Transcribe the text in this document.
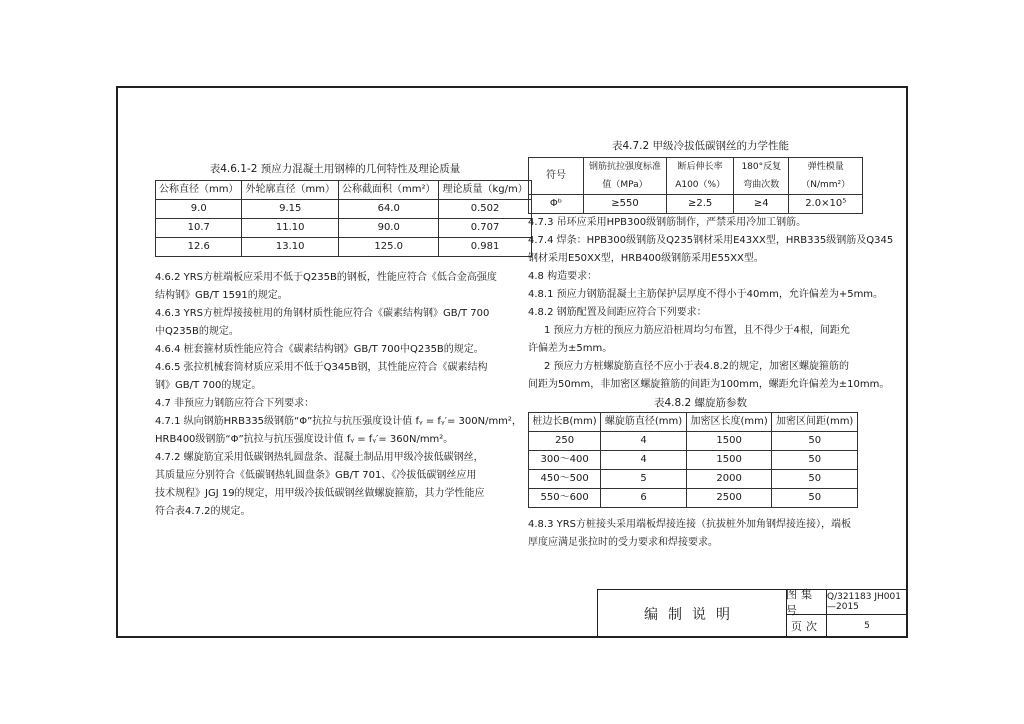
表4.6.1-2 预应力混凝土用钢棒的几何特性及理论质量

公称直径（mm）	外轮廓直径（mm）	公称截面积（mm²）	理论质量（kg/m）
9.0	9.15	64.0	0.502
10.7	11.10	90.0	0.707
12.6	13.10	125.0	0.981

4.6.2 YRS方桩端板应采用不低于Q235B的钢板，性能应符合《低合金高强度

结构钢》GB/T 1591的规定。

4.6.3 YRS方桩焊接接桩用的角钢材质性能应符合《碳素结构钢》GB/T 700

中Q235B的规定。

4.6.4 桩套箍材质性能应符合《碳素结构钢》GB/T 700中Q235B的规定。

4.6.5 张拉机械套筒材质应采用不低于Q345B钢，其性能应符合《碳素结构

钢》GB/T 700的规定。

4.7 非预应力钢筋应符合下列要求：

4.7.1 纵向钢筋HRB335级钢筋“Φ”抗拉与抗压强度设计值 fᵧ = fᵧ′= 300N/mm²，

HRB400级钢筋“Φ”抗拉与抗压强度设计值 fᵧ = fᵧ′= 360N/mm²。

4.7.2 螺旋筋宜采用低碳钢热轧圆盘条、混凝土制品用甲级冷拔低碳钢丝，

其质量应分别符合《低碳钢热轧圆盘条》GB/T 701、《冷拔低碳钢丝应用

技术规程》JGJ 19的规定，用甲级冷拔低碳钢丝做螺旋箍筋，其力学性能应

符合表4.7.2的规定。

表4.7.2 甲级冷拔低碳钢丝的力学性能

符号	钢筋抗拉强度标准值（MPa）	断后伸长率A100（%）	180°反复弯曲次数	弹性模量（N/mm²）
Φᵇ	≥550	≥2.5	≥4	2.0×10⁵

4.7.3 吊环应采用HPB300级钢筋制作，严禁采用冷加工钢筋。

4.7.4 焊条：HPB300级钢筋及Q235钢材采用E43XX型，HRB335级钢筋及Q345

钢材采用E50XX型，HRB400级钢筋采用E55XX型。

4.8 构造要求：

4.8.1 预应力钢筋混凝土主筋保护层厚度不得小于40mm，允许偏差为+5mm。

4.8.2 钢筋配置及间距应符合下列要求：

1 预应力方桩的预应力筋应沿桩周均匀布置，且不得少于4根，间距允

许偏差为±5mm。

2 预应力方桩螺旋筋直径不应小于表4.8.2的规定，加密区螺旋箍筋的

间距为50mm，非加密区螺旋箍筋的间距为100mm，螺距允许偏差为±10mm。

表4.8.2 螺旋筋参数

桩边长B(mm)	螺旋筋直径(mm)	加密区长度(mm)	加密区间距(mm)
250	4	1500	50
300～400	4	1500	50
450～500	5	2000	50
550～600	6	2500	50

4.8.3 YRS方桩接头采用端板焊接连接（抗拔桩外加角钢焊接连接），端板

厚度应满足张拉时的受力要求和焊接要求。

编制说明
图集号
Q/321183 JH001—2015
页次	5
